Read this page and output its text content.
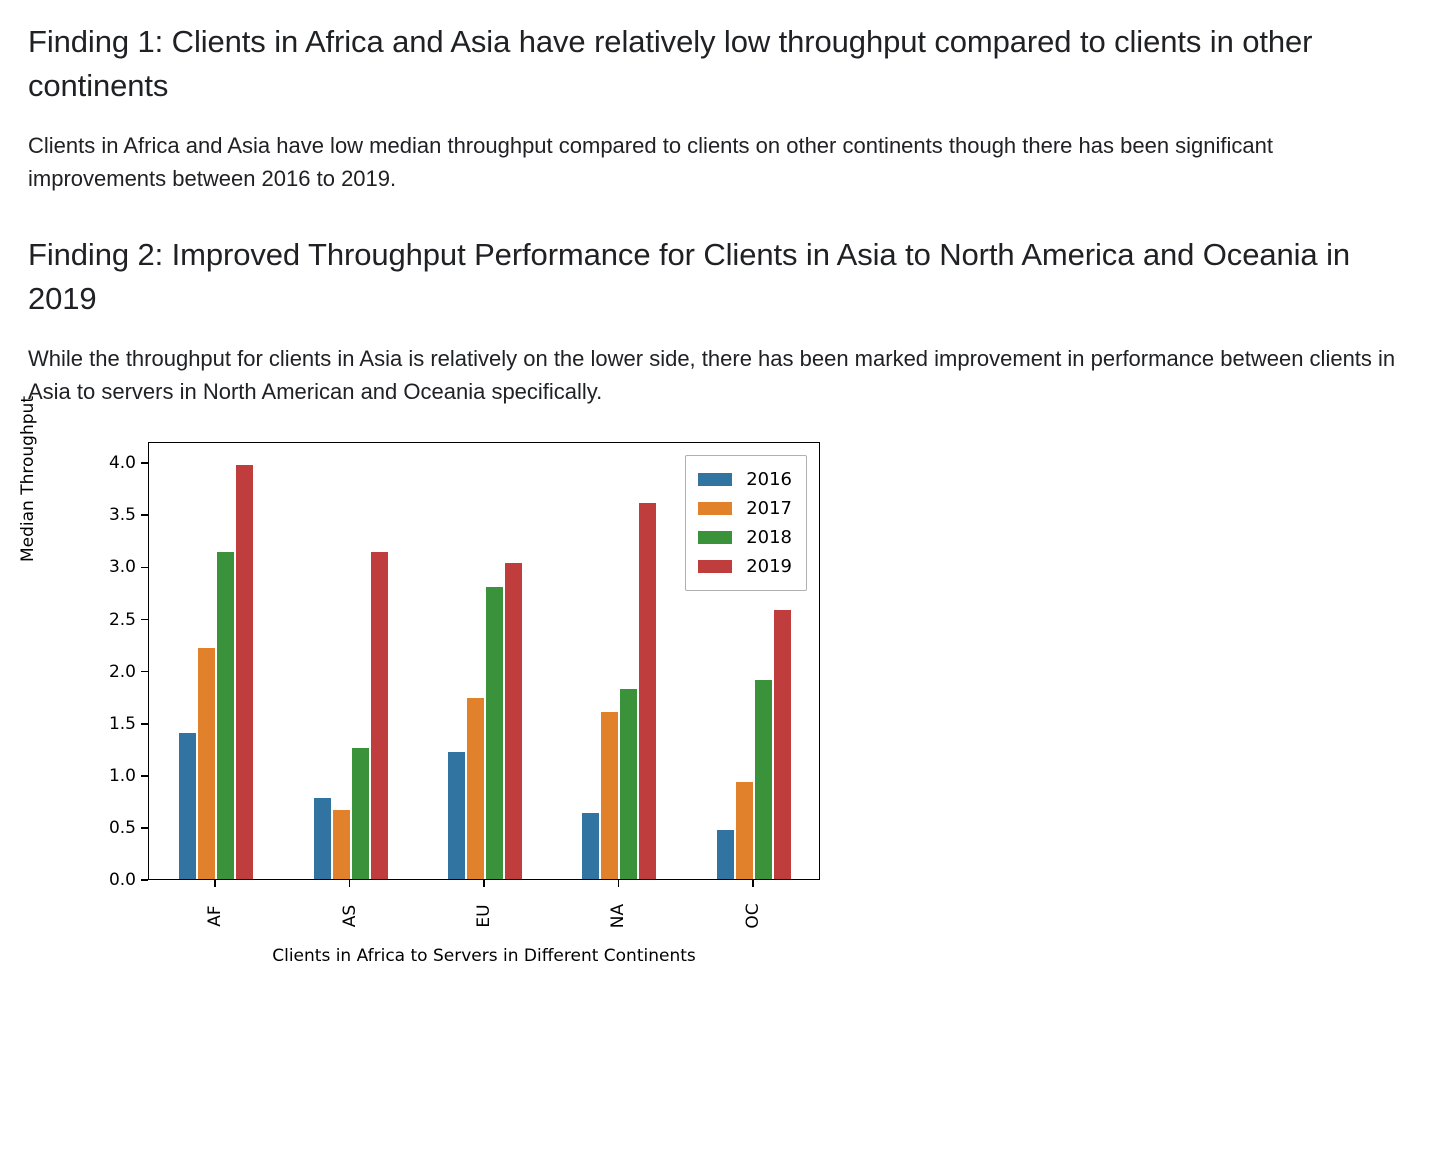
Finding 1: Clients in Africa and Asia have relatively low throughput compared to clients in other continents

Clients in Africa and Asia have low median throughput compared to clients on other continents though there has been significant improvements between 2016 to 2019.

Finding 2: Improved Throughput Performance for Clients in Asia to North America and Oceania in 2019

While the throughput for clients in Asia is relatively on the lower side, there has been marked improvement in performance between clients in Asia to servers in North American and Oceania specifically.

Median Throughput
0.0
0.5
1.0
1.5
2.0
2.5
3.0
3.5
4.0
2016
2017
2018
2019
AF	AS	EU	NA	OC
Clients in Africa to Servers in Different Continents
